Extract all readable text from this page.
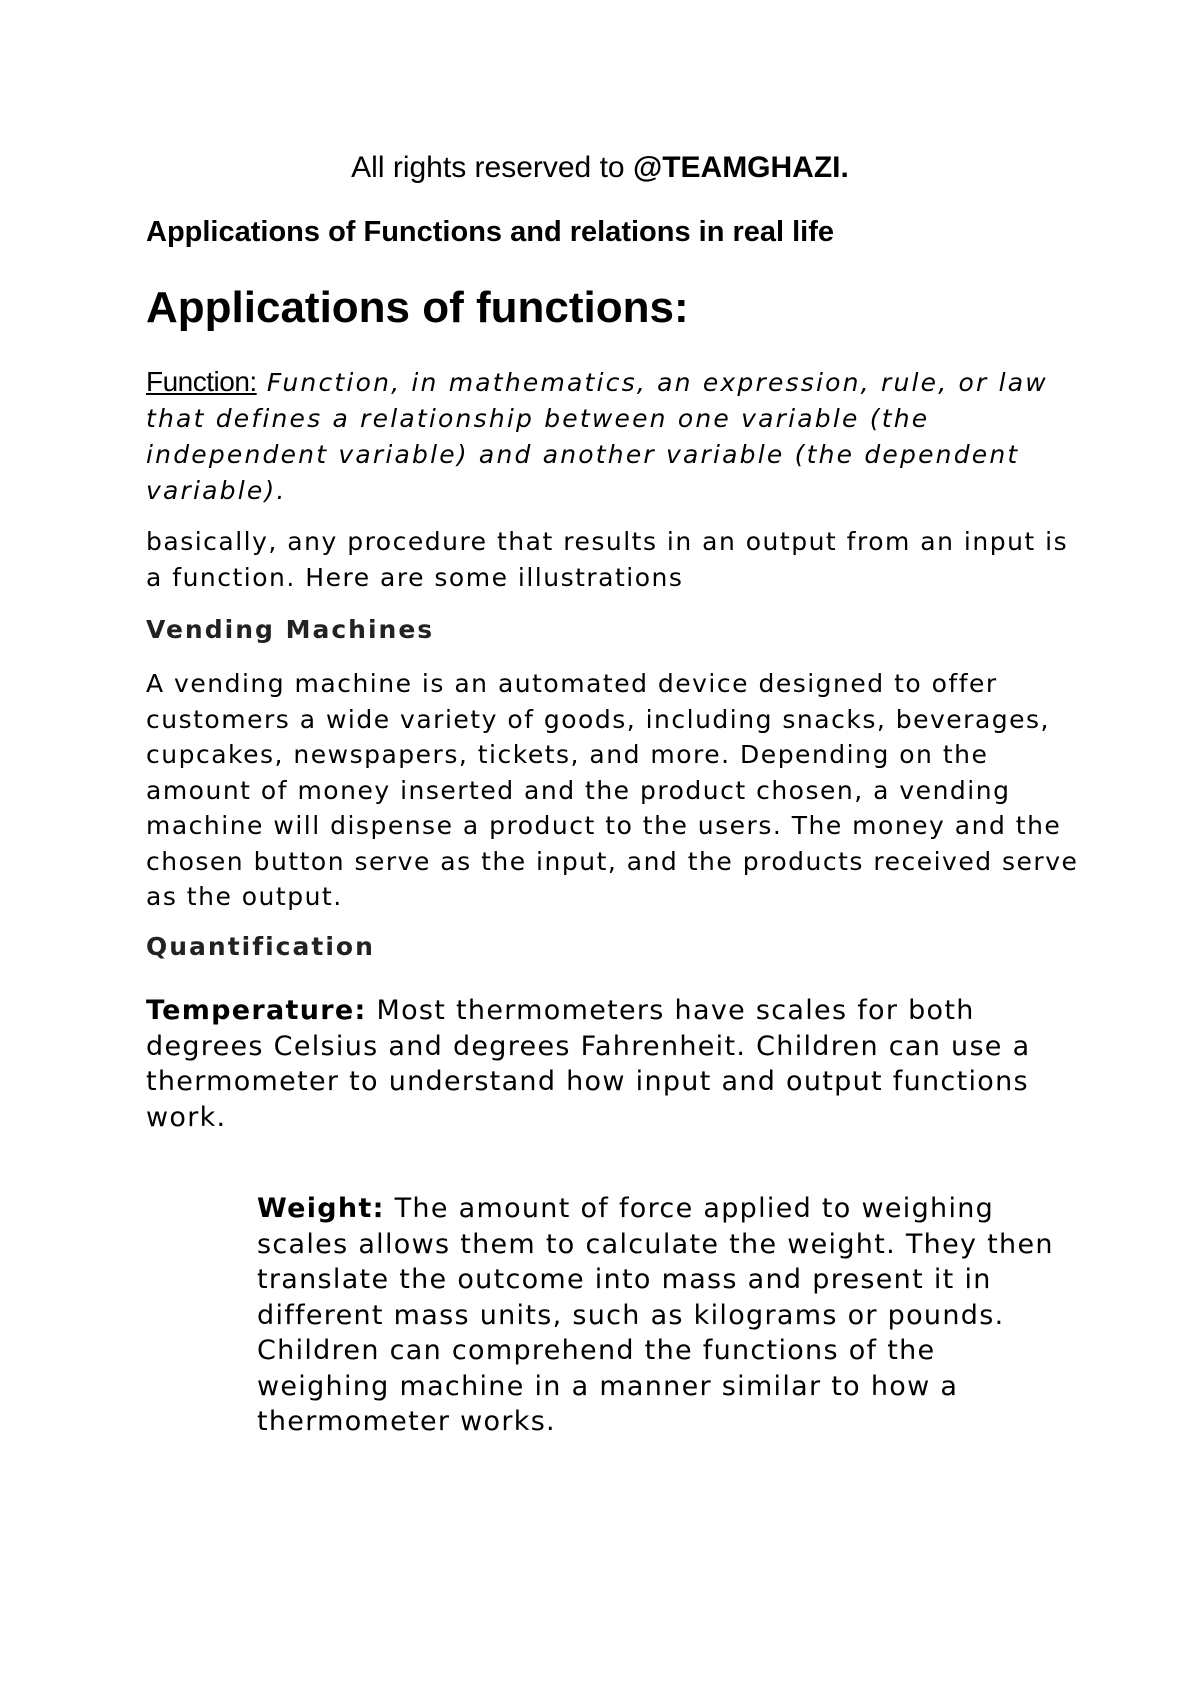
All rights reserved to @TEAMGHAZI.
Applications of Functions and relations in real life
Applications of functions:
Function: Function, in mathematics, an expression, rule, or law that defines a relationship between one variable (the independent variable) and another variable (the dependent variable).
basically, any procedure that results in an output from an input is a function. Here are some illustrations
Vending Machines
A vending machine is an automated device designed to offer customers a wide variety of goods, including snacks, beverages, cupcakes, newspapers, tickets, and more. Depending on the amount of money inserted and the product chosen, a vending machine will dispense a product to the users. The money and the chosen button serve as the input, and the products received serve as the output.
Quantification
Temperature: Most thermometers have scales for both degrees Celsius and degrees Fahrenheit. Children can use a thermometer to understand how input and output functions work.
Weight: The amount of force applied to weighing scales allows them to calculate the weight. They then translate the outcome into mass and present it in different mass units, such as kilograms or pounds. Children can comprehend the functions of the weighing machine in a manner similar to how a thermometer works.
